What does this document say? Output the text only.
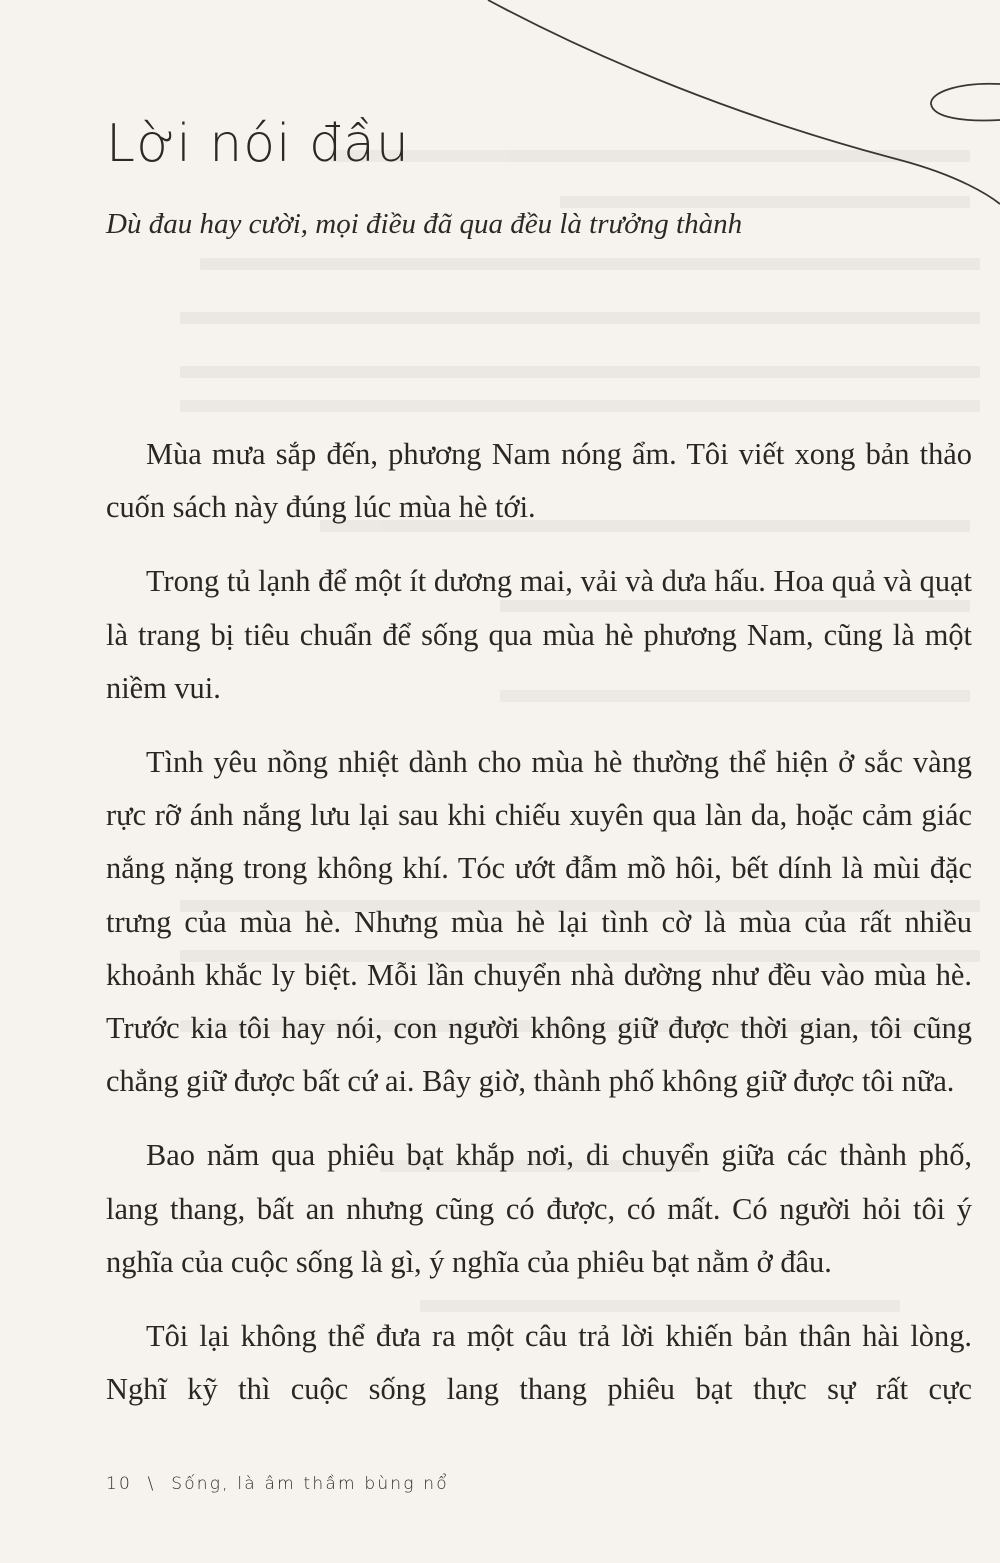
Lời nói đầu

Dù đau hay cười, mọi điều đã qua đều là trưởng thành

Mùa mưa sắp đến, phương Nam nóng ẩm. Tôi viết xong bản thảo cuốn sách này đúng lúc mùa hè tới.

Trong tủ lạnh để một ít dương mai, vải và dưa hấu. Hoa quả và quạt là trang bị tiêu chuẩn để sống qua mùa hè phương Nam, cũng là một niềm vui.

Tình yêu nồng nhiệt dành cho mùa hè thường thể hiện ở sắc vàng rực rỡ ánh nắng lưu lại sau khi chiếu xuyên qua làn da, hoặc cảm giác nắng nặng trong không khí. Tóc ướt đẫm mồ hôi, bết dính là mùi đặc trưng của mùa hè. Nhưng mùa hè lại tình cờ là mùa của rất nhiều khoảnh khắc ly biệt. Mỗi lần chuyển nhà dường như đều vào mùa hè. Trước kia tôi hay nói, con người không giữ được thời gian, tôi cũng chẳng giữ được bất cứ ai. Bây giờ, thành phố không giữ được tôi nữa.

Bao năm qua phiêu bạt khắp nơi, di chuyển giữa các thành phố, lang thang, bất an nhưng cũng có được, có mất. Có người hỏi tôi ý nghĩa của cuộc sống là gì, ý nghĩa của phiêu bạt nằm ở đâu.

Tôi lại không thể đưa ra một câu trả lời khiến bản thân hài lòng. Nghĩ kỹ thì cuộc sống lang thang phiêu bạt thực sự rất cực

10 \ Sống, là âm thầm bùng nổ
